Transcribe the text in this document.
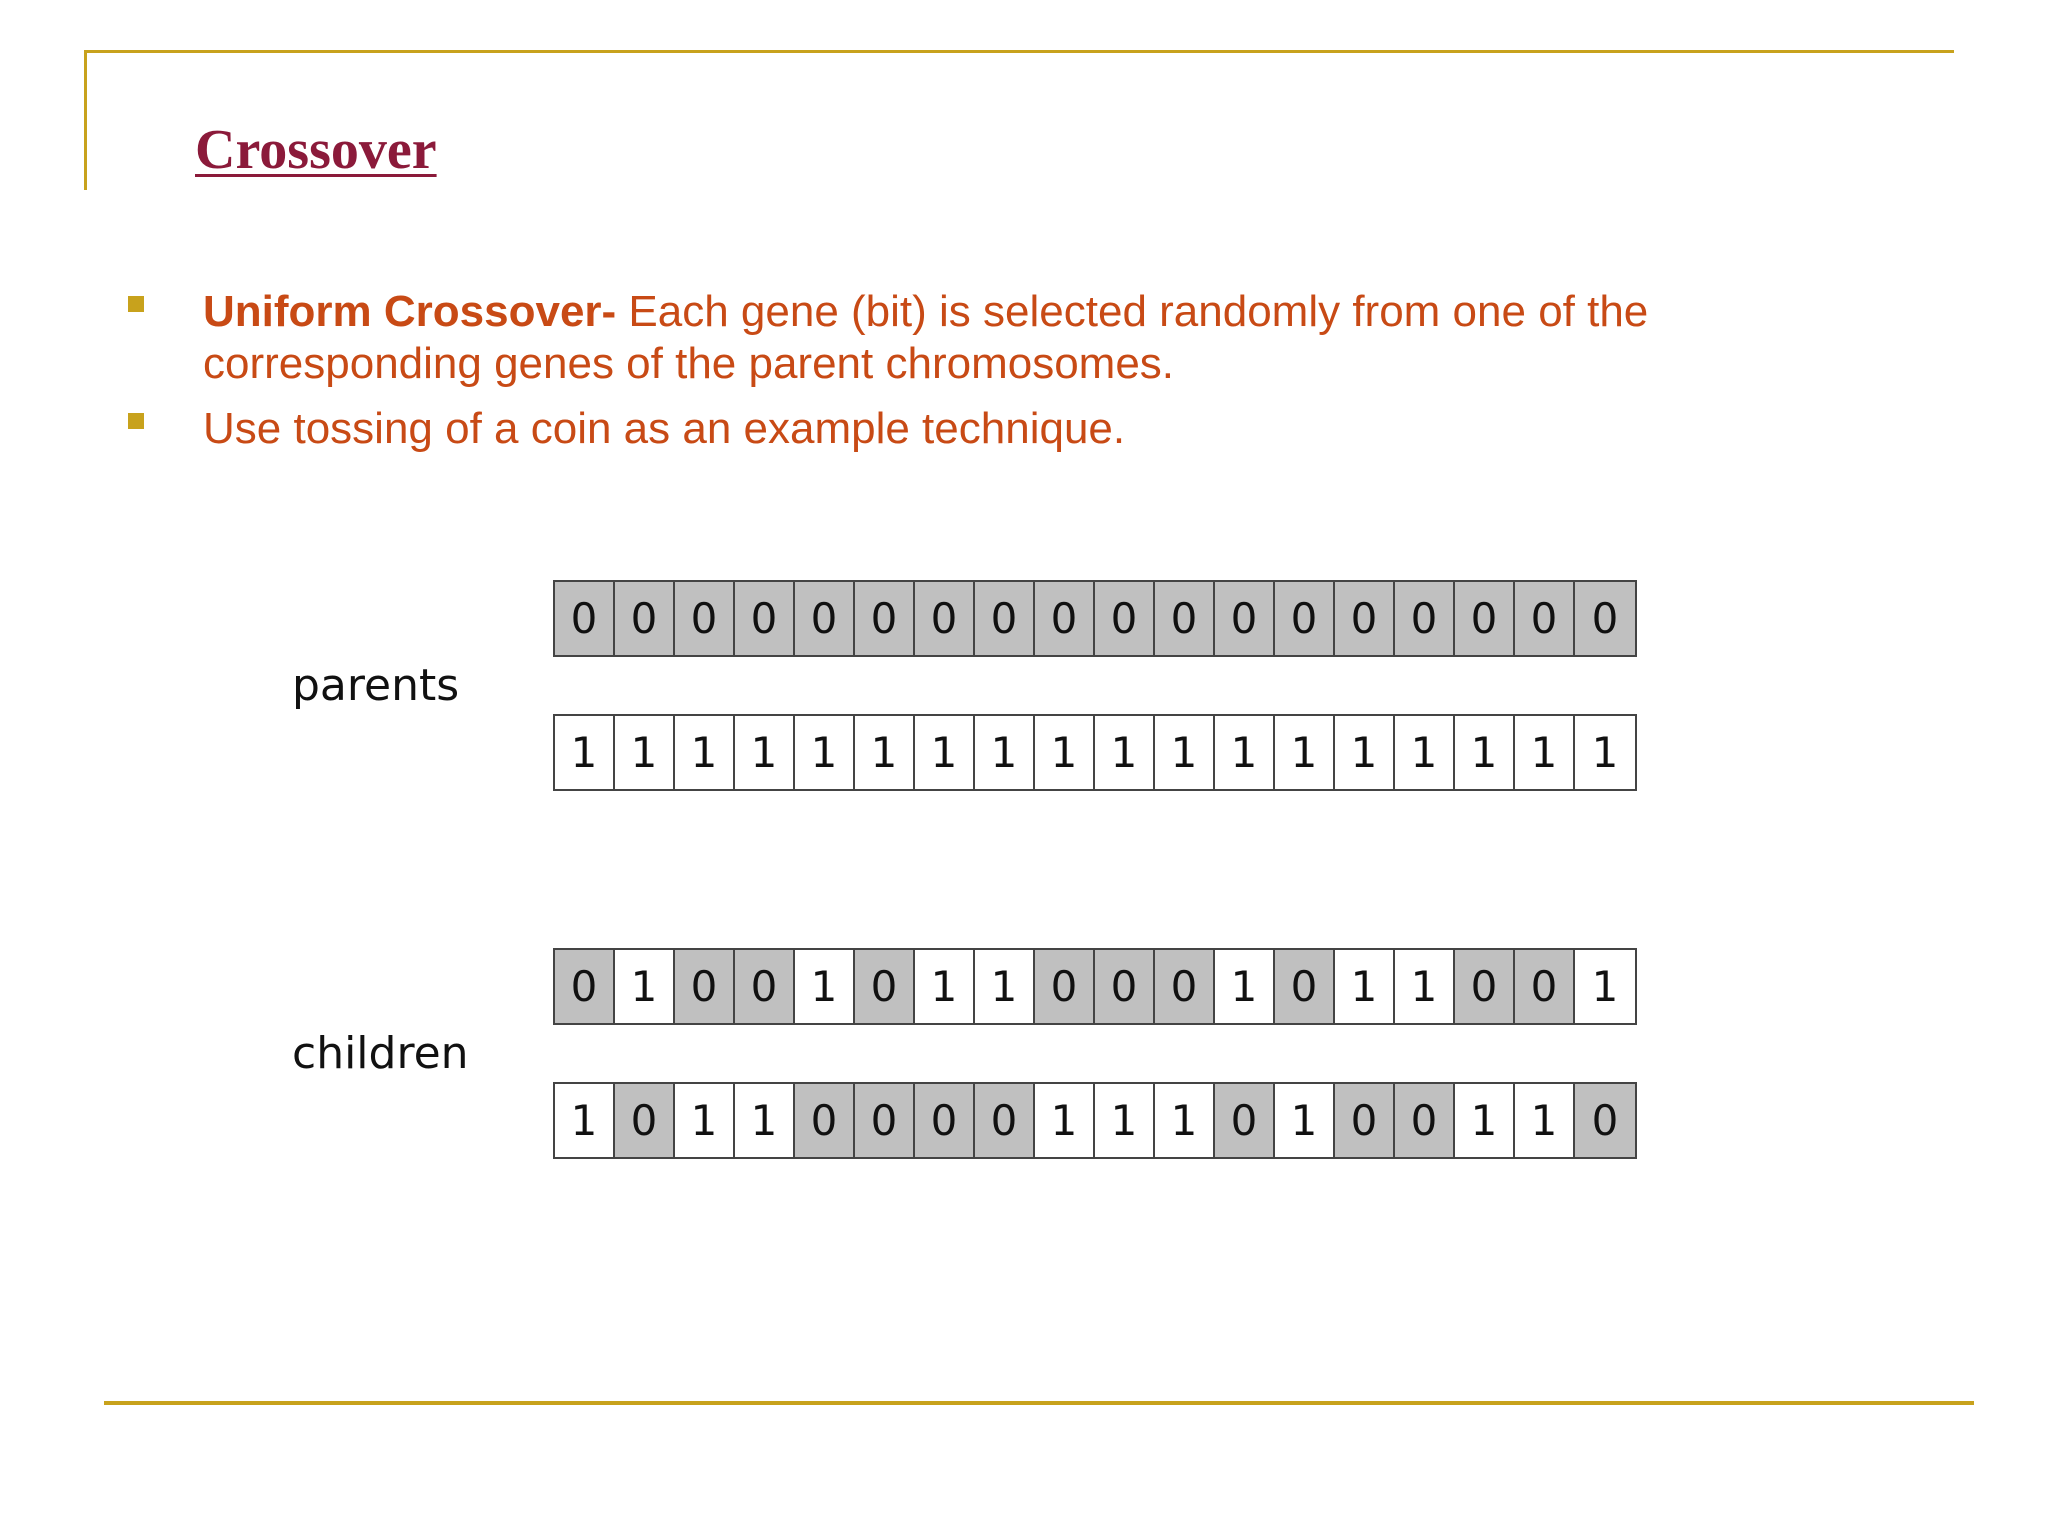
Crossover
Uniform Crossover- Each gene (bit) is selected randomly from one of the corresponding genes of the parent chromosomes.
Use tossing of a coin as an example technique.
parents
children
0 0 0 0 0 0 0 0 0 0 0 0 0 0 0 0 0 0
1 1 1 1 1 1 1 1 1 1 1 1 1 1 1 1 1 1
0 1 0 0 1 0 1 1 0 0 0 1 0 1 1 0 0 1
1 0 1 1 0 0 0 0 1 1 1 0 1 0 0 1 1 0
